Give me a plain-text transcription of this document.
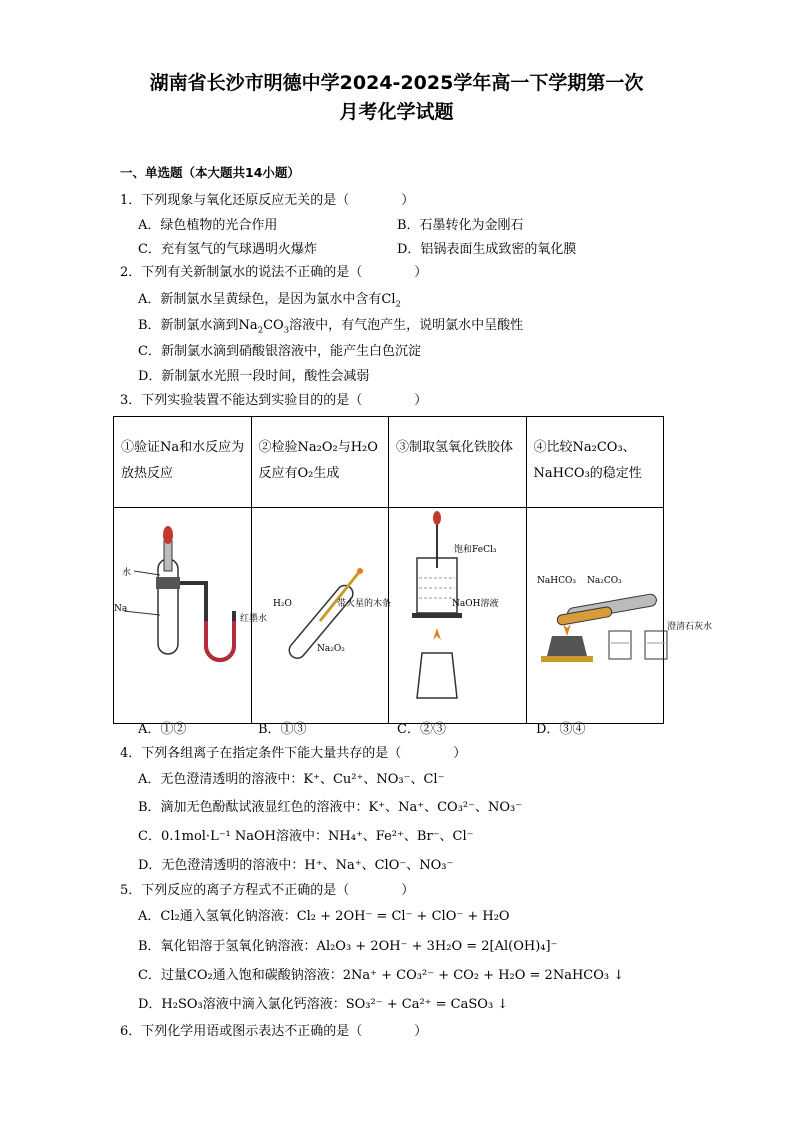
湖南省长沙市明德中学2024-2025学年高一下学期第一次
月考化学试题
一、单选题（本大题共14小题）
1．下列现象与氧化还原反应无关的是（　　　　）
A．绿色植物的光合作用	B．石墨转化为金刚石
C．充有氢气的气球遇明火爆炸	D．铝锅表面生成致密的氧化膜
2．下列有关新制氯水的说法不正确的是（　　　　）
A．新制氯水呈黄绿色，是因为氯水中含有$Cl_2$
B．新制氯水滴到$Na_2CO_3$溶液中，有气泡产生，说明氯水中呈酸性
C．新制氯水滴到硝酸银溶液中，能产生白色沉淀
D．新制氯水光照一段时间，酸性会减弱
3．下列实验装置不能达到实验目的的是（　　　　）
①验证Na和水反应为放热反应	②检验Na₂O₂与H₂O反应有O₂生成	③制取氢氧化铁胶体	④比较Na₂CO₃、NaHCO₃的稳定性

水
Na
红墨水	H₂O 带火星的木条
Na₂O₂	饱和FeCl₃
NaOH溶液	NaHCO₃ Na₂CO₃
澄清石灰水
A．①②	B．①③	C．②③	D．③④
4．下列各组离子在指定条件下能大量共存的是（　　　　）
A．无色澄清透明的溶液中：K⁺、Cu²⁺、NO₃⁻、Cl⁻
B．滴加无色酚酞试液显红色的溶液中：K⁺、Na⁺、CO₃²⁻、NO₃⁻
C．0.1mol·L⁻¹ NaOH溶液中：NH₄⁺、Fe²⁺、Br⁻、Cl⁻
D．无色澄清透明的溶液中：H⁺、Na⁺、ClO⁻、NO₃⁻
5．下列反应的离子方程式不正确的是（　　　　）
A．Cl₂通入氢氧化钠溶液：Cl₂ + 2OH⁻ = Cl⁻ + ClO⁻ + H₂O
B．氧化铝溶于氢氧化钠溶液：Al₂O₃ + 2OH⁻ + 3H₂O = 2[Al(OH)₄]⁻
C．过量CO₂通入饱和碳酸钠溶液：2Na⁺ + CO₃²⁻ + CO₂ + H₂O = 2NaHCO₃ ↓
D．H₂SO₃溶液中滴入氯化钙溶液：SO₃²⁻ + Ca²⁺ = CaSO₃ ↓
6．下列化学用语或图示表达不正确的是（　　　　）
